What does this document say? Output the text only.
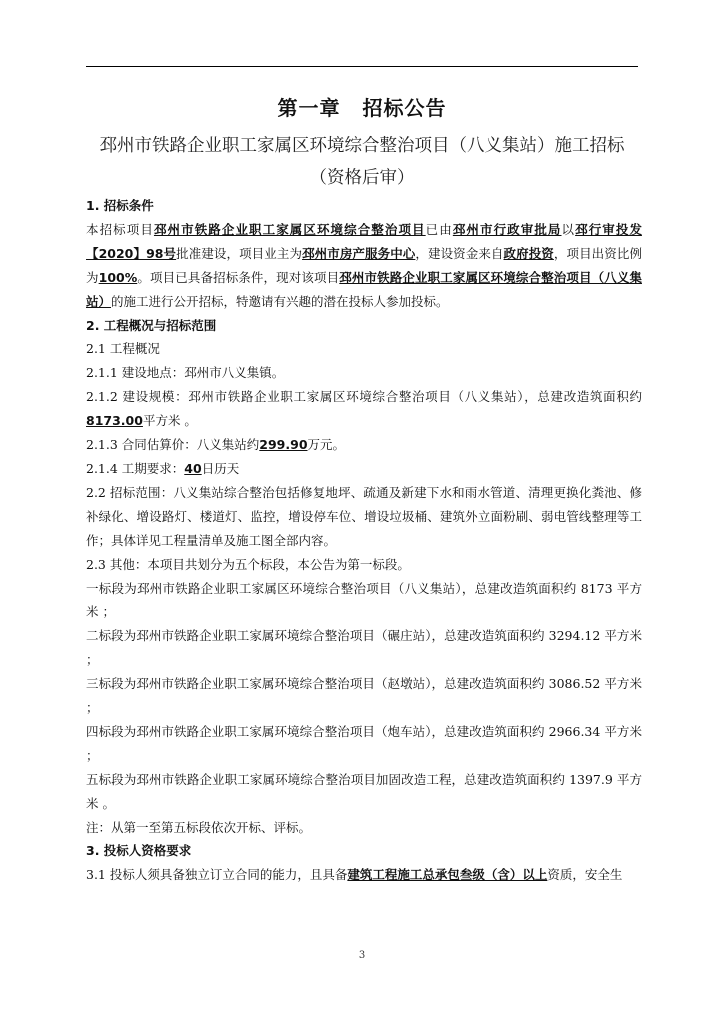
第一章 招标公告
邳州市铁路企业职工家属区环境综合整治项目（八义集站）施工招标（资格后审）

1. 招标条件

本招标项目邳州市铁路企业职工家属区环境综合整治项目已由邳州市行政审批局以邳行审投发【2020】98号批准建设，项目业主为邳州市房产服务中心，建设资金来自政府投资，项目出资比例为100%。项目已具备招标条件，现对该项目邳州市铁路企业职工家属区环境综合整治项目（八义集站）的施工进行公开招标，特邀请有兴趣的潜在投标人参加投标。

2. 工程概况与招标范围

2.1 工程概况

2.1.1 建设地点：邳州市八义集镇。

2.1.2 建设规模：邳州市铁路企业职工家属区环境综合整治项目（八义集站），总建改造筑面积约8173.00平方米 。

2.1.3 合同估算价：八义集站约299.90万元。

2.1.4 工期要求：40日历天

2.2 招标范围：八义集站综合整治包括修复地坪、疏通及新建下水和雨水管道、清理更换化粪池、修补绿化、增设路灯、楼道灯、监控，增设停车位、增设垃圾桶、建筑外立面粉刷、弱电管线整理等工作；具体详见工程量清单及施工图全部内容。

2.3 其他：本项目共划分为五个标段，本公告为第一标段。

一标段为邳州市铁路企业职工家属区环境综合整治项目（八义集站），总建改造筑面积约 8173 平方米 ；

二标段为邳州市铁路企业职工家属环境综合整治项目（碾庄站），总建改造筑面积约 3294.12 平方米 ；

三标段为邳州市铁路企业职工家属环境综合整治项目（赵墩站），总建改造筑面积约 3086.52 平方米 ；

四标段为邳州市铁路企业职工家属环境综合整治项目（炮车站），总建改造筑面积约 2966.34 平方米 ；

五标段为邳州市铁路企业职工家属环境综合整治项目加固改造工程，总建改造筑面积约 1397.9 平方米 。

注：从第一至第五标段依次开标、评标。

3. 投标人资格要求

3.1 投标人须具备独立订立合同的能力，且具备建筑工程施工总承包叁级（含）以上资质，安全生

3
